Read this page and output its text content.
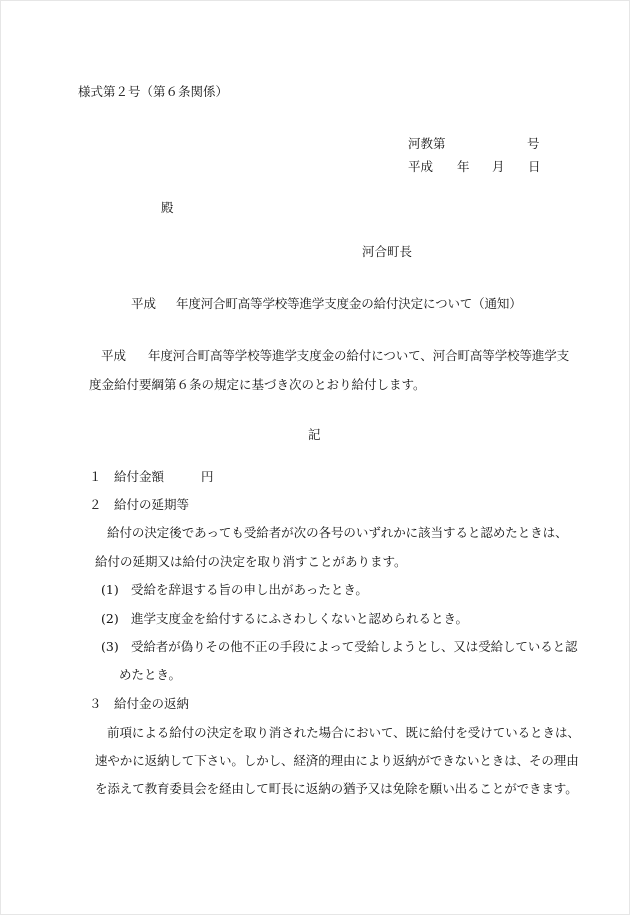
様式第２号（第６条関係）
河教第	号
平成 年 月 日
殿
河合町長
平成 年度河合町高等学校等進学支度金の給付決定について（通知）
平成 年度河合町高等学校等進学支度金の給付について、河合町高等学校等進学支
度金給付要綱第６条の規定に基づき次のとおり給付します。
記
１　給付金額	円
２　給付の延期等
給付の決定後であっても受給者が次の各号のいずれかに該当すると認めたときは、
給付の延期又は給付の決定を取り消すことがあります。
(1) 受給を辞退する旨の申し出があったとき。
(2) 進学支度金を給付するにふさわしくないと認められるとき。
(3) 受給者が偽りその他不正の手段によって受給しようとし、又は受給していると認
めたとき。
３　給付金の返納
前項による給付の決定を取り消された場合において、既に給付を受けているときは、
速やかに返納して下さい。しかし、経済的理由により返納ができないときは、その理由
を添えて教育委員会を経由して町長に返納の猶予又は免除を願い出ることができます。
